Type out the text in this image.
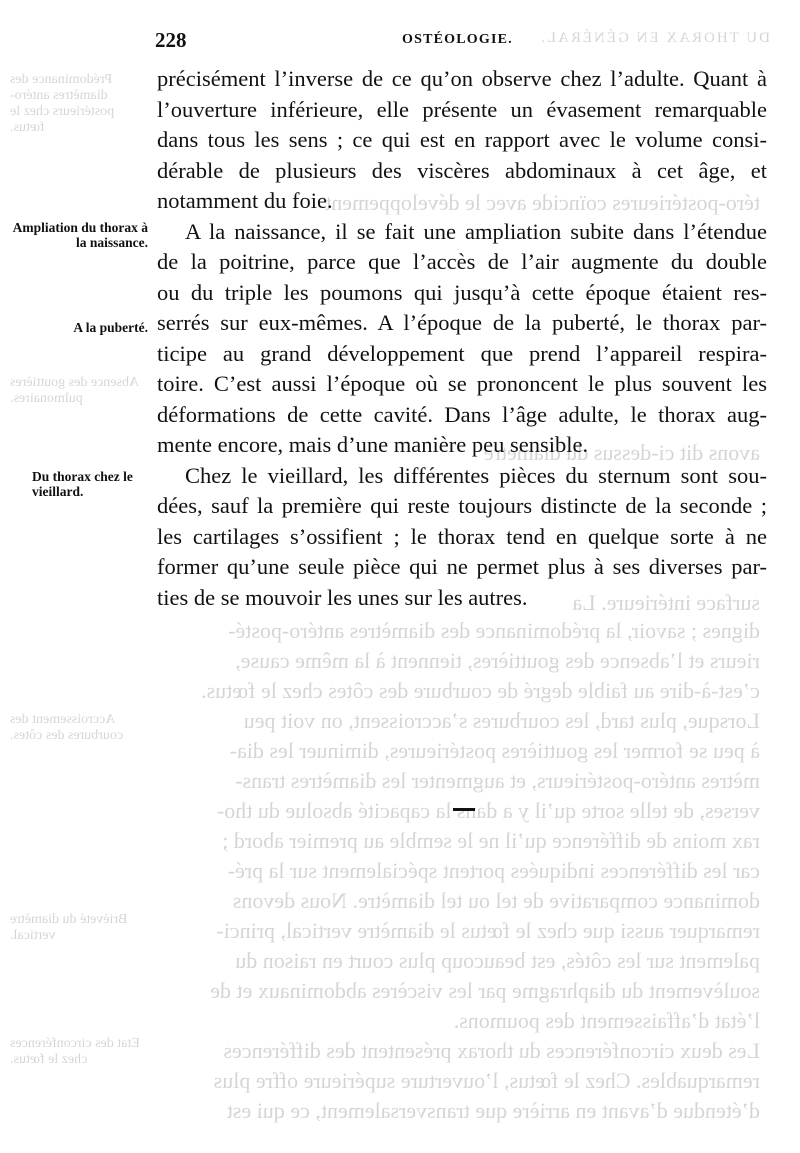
DU THORAX EN GÉNÉRAL.
Prédominance des diamètres antéro-postérieurs chez le fœtus.
Absence des gouttières pulmonaires.
Accroissement des courbures des côtes.
Brièveté du diamètre vertical.
Etat des circonférences chez le fœtus.
téro-postérieures coïncide avec le développement
avons dit ci-dessus du diamètre
surface intérieure. La
dignes ; savoir, la prédominance des diamètres antéro-posté-
rieurs et l’absence des gouttières, tiennent à la même cause,
c’est-à-dire au faible degré de courbure des côtes chez le fœtus.
Lorsque, plus tard, les courbures s’accroissent, on voit peu
à peu se former les gouttières postérieures, diminuer les dia-
mètres antéro-postérieurs, et augmenter les diamètres trans-
verses, de telle sorte qu’il y a dans la capacité absolue du tho-
rax moins de différence qu’il ne le semble au premier abord ;
car les différences indiquées portent spécialement sur la pré-
dominance comparative de tel ou tel diamètre. Nous devons
remarquer aussi que chez le fœtus le diamètre vertical, princi-
palement sur les côtés, est beaucoup plus court en raison du
soulèvement du diaphragme par les viscères abdominaux et de
l’état d’affaissement des poumons.
Les deux circonférences du thorax présentent des différences
remarquables. Chez le fœtus, l’ouverture supérieure offre plus
d’étendue d’avant en arrière que transversalement, ce qui est
228	OSTÉOLOGIE.
Ampliation du thorax à la naissance.
A la puberté.
Du thorax chez le vieillard.
précisément l’inverse de ce qu’on observe chez l’adulte. Quant à
l’ouverture inférieure, elle présente un évasement remarquable
dans tous les sens ; ce qui est en rapport avec le volume consi-
dérable de plusieurs des viscères abdominaux à cet âge, et
notamment du foie.
A la naissance, il se fait une ampliation subite dans l’étendue
de la poitrine, parce que l’accès de l’air augmente du double
ou du triple les poumons qui jusqu’à cette époque étaient res-
serrés sur eux-mêmes. A l’époque de la puberté, le thorax par-
ticipe au grand développement que prend l’appareil respira-
toire. C’est aussi l’époque où se prononcent le plus souvent les
déformations de cette cavité. Dans l’âge adulte, le thorax aug-
mente encore, mais d’une manière peu sensible.
Chez le vieillard, les différentes pièces du sternum sont sou-
dées, sauf la première qui reste toujours distincte de la seconde ;
les cartilages s’ossifient ; le thorax tend en quelque sorte à ne
former qu’une seule pièce qui ne permet plus à ses diverses par-
ties de se mouvoir les unes sur les autres.
